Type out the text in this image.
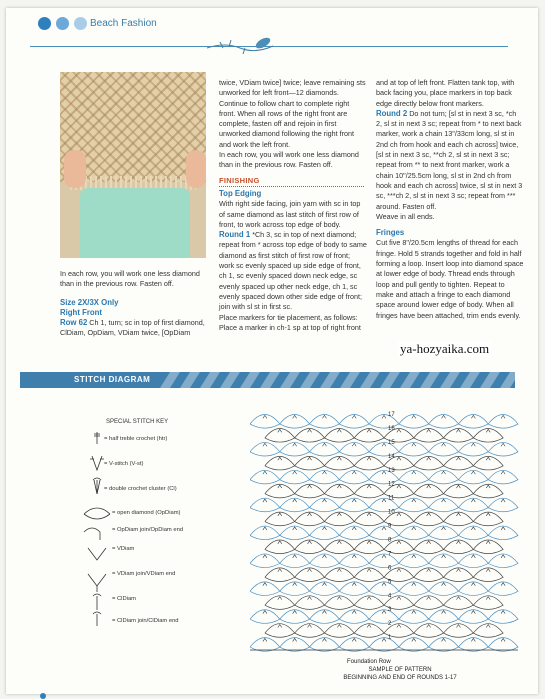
Beach Fashion

In each row, you will work one less diamond than in the previous row. Fasten off.

Size 2X/3X Only

Right Front

Row 62 Ch 1, turn; sc in top of first diamond, ClDiam, OpDiam, VDiam twice, [OpDiam

twice, VDiam twice] twice; leave remaining sts unworked for left front—12 diamonds.

Continue to follow chart to complete right front. When all rows of the right front are complete, fasten off and rejoin in first unworked diamond following the right front and work the left front.

In each row, you will work one less diamond than in the previous row. Fasten off.

FINISHING

Top Edging

With right side facing, join yarn with sc in top of same diamond as last stitch of first row of front, to work across top edge of body.

Round 1 *Ch 3, sc in top of next diamond; repeat from * across top edge of body to same diamond as first stitch of first row of front; work sc evenly spaced up side edge of front, ch 1, sc evenly spaced down neck edge, sc evenly spaced up other neck edge, ch 1, sc evenly spaced down other side edge of front; join with sl st in first sc.

Place markers for tie placement, as follows: Place a marker in ch-1 sp at top of right front

and at top of left front. Flatten tank top, with back facing you, place markers in top back edge directly below front markers.

Round 2 Do not turn; [sl st in next 3 sc, *ch 2, sl st in next 3 sc; repeat from * to next back marker, work a chain 13"/33cm long, sl st in 2nd ch from hook and each ch across] twice, [sl st in next 3 sc, **ch 2, sl st in next 3 sc; repeat from ** to next front marker, work a chain 10"/25.5cm long, sl st in 2nd ch from hook and each ch across] twice, sl st in next 3 sc, ***ch 2, sl st in next 3 sc; repeat from *** around. Fasten off.

Weave in all ends.

Fringes

Cut five 8"/20.5cm lengths of thread for each fringe. Hold 5 strands together and fold in half forming a loop. Insert loop into diamond space at lower edge of body. Thread ends through loop and pull gently to tighten. Repeat to make and attach a fringe to each diamond space around lower edge of body. When all fringes have been attached, trim ends evenly.

ya-hozyaika.com
STITCH DIAGRAM
SPECIAL STITCH KEY
= half treble crochet (htr)
= V-stitch (V-st)
= double crochet cluster (Cl)
= open diamond (OpDiam)
= OpDiam join/OpDiam end
= VDiam
= VDiam join/VDiam end
= ClDiam
= ClDiam join/ClDiam end
17
16
15
14
13
12
11
10
9
8
7
6
5
4
3
2
1
Foundation Row
SAMPLE OF PATTERN
BEGINNING AND END OF ROUNDS 1-17
